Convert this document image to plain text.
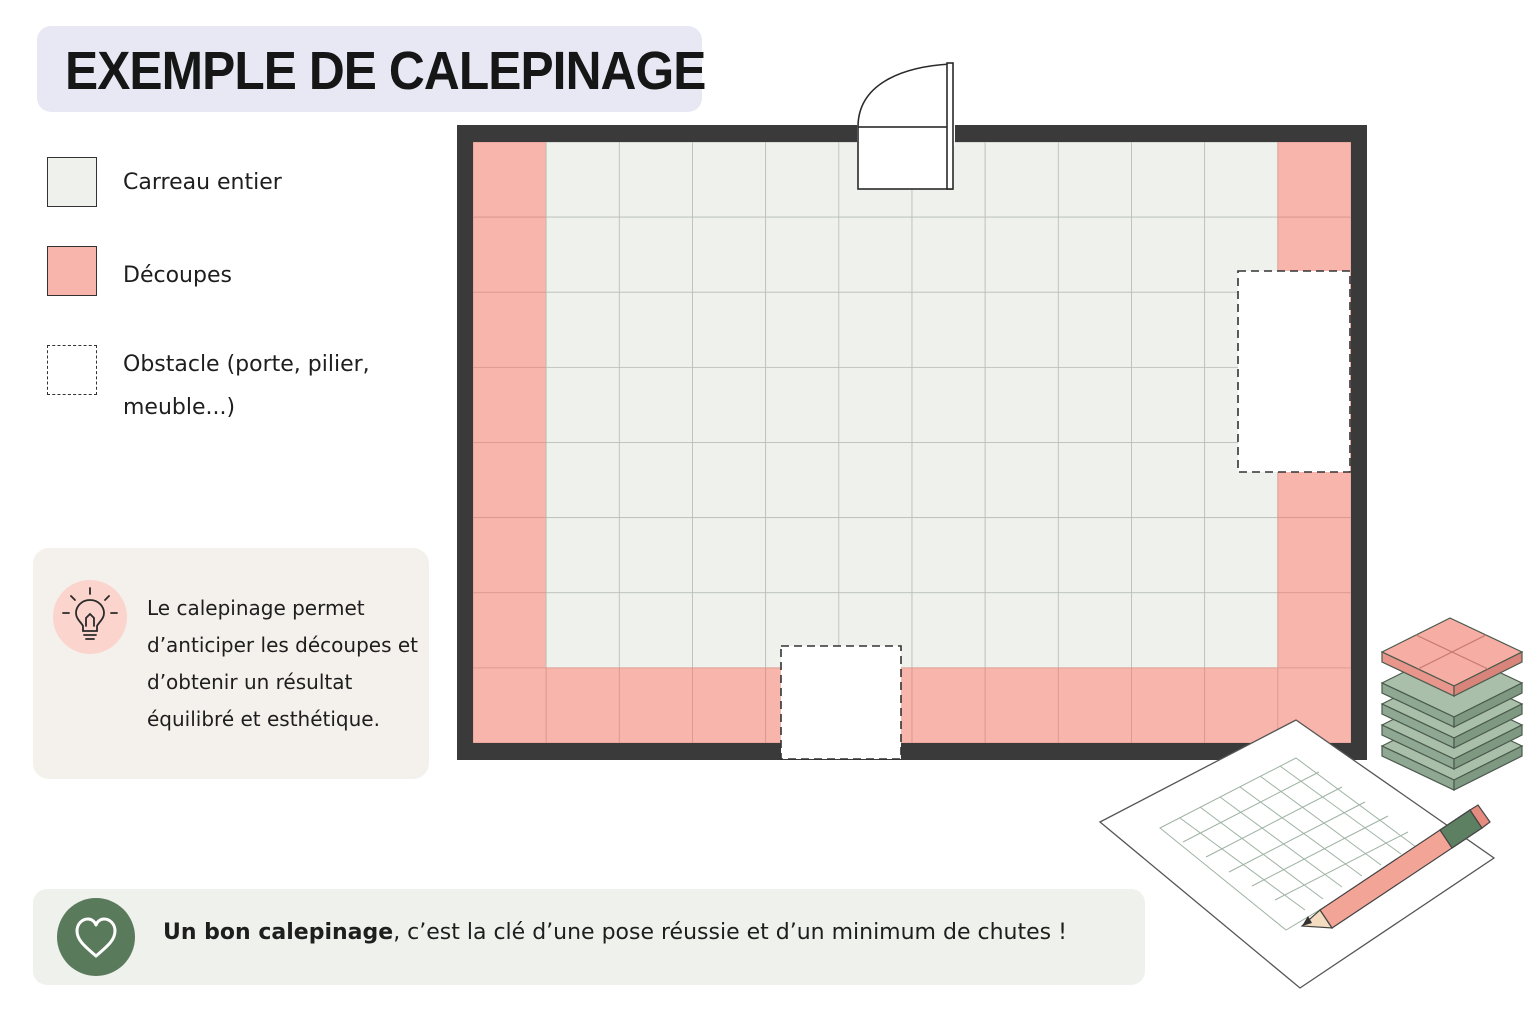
EXEMPLE DE CALEPINAGE
Carreau entier
Découpes
Obstacle (porte, pilier, meuble...)
Le calepinage permet d’anticiper les découpes et d’obtenir un résultat équilibré et esthétique.
Un bon calepinage, c’est la clé d’une pose réussie et d’un minimum de chutes !
